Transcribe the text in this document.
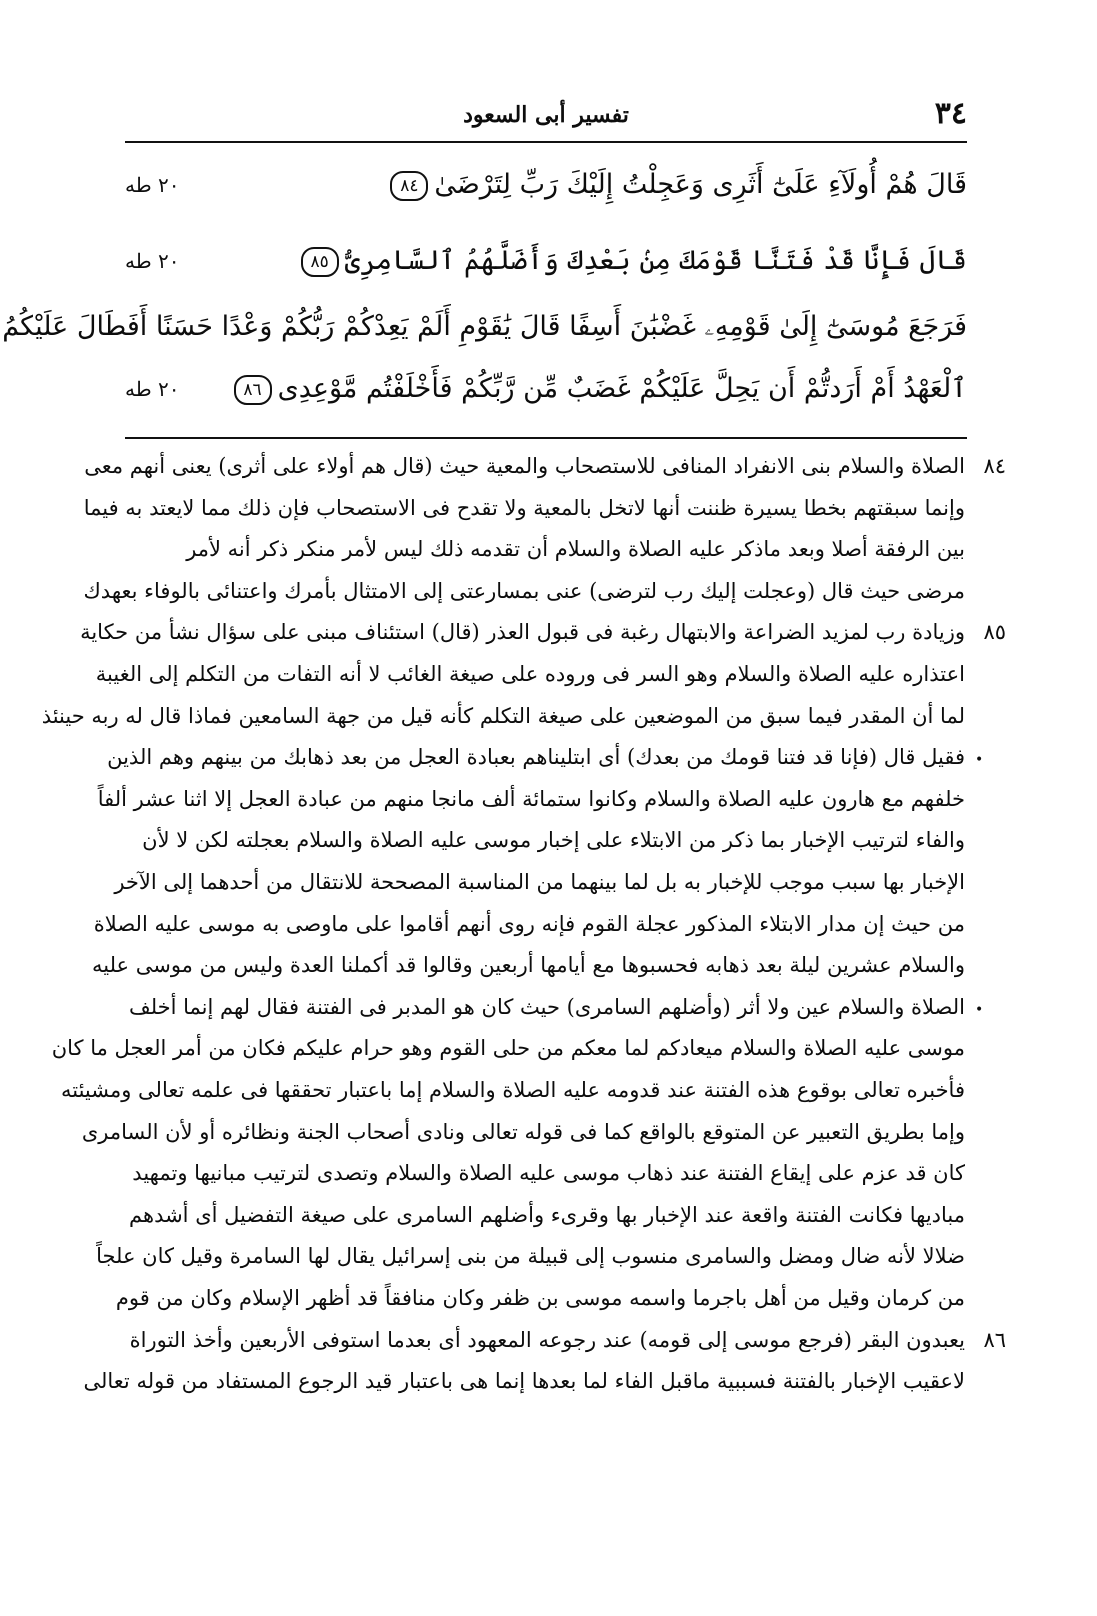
٣٤
تفسير أبى السعود
قَالَ هُمْ أُولَآءِ عَلَىٰٓ أَثَرِى وَعَجِلْتُ إِلَيْكَ رَبِّ لِتَرْضَىٰ٨٤
٢٠ طه
قَالَ فَإِنَّا قَدْ فَتَنَّا قَوْمَكَ مِنۢ بَعْدِكَ وَأَضَلَّهُمُ ٱلسَّامِرِىُّ٨٥
٢٠ طه
فَرَجَعَ مُوسَىٰٓ إِلَىٰ قَوْمِهِۦ غَضْبَٰنَ أَسِفًا قَالَ يَٰقَوْمِ أَلَمْ يَعِدْكُمْ رَبُّكُمْ وَعْدًا حَسَنًا أَفَطَالَ عَلَيْكُمُ
ٱلْعَهْدُ أَمْ أَرَدتُّمْ أَن يَحِلَّ عَلَيْكُمْ غَضَبٌ مِّن رَّبِّكُمْ فَأَخْلَفْتُم مَّوْعِدِى٨٦
٢٠ طه
الصلاة والسلام بنى الانفراد المنافى للاستصحاب والمعية حيث (قال هم أولاء على أثرى) يعنى أنهم معى ٨٤
وإنما سبقتهم بخطا يسيرة ظننت أنها لاتخل بالمعية ولا تقدح فى الاستصحاب فإن ذلك مما لايعتد به فيما
بين الرفقة أصلا وبعد ماذكر عليه الصلاة والسلام أن تقدمه ذلك ليس لأمر منكر ذكر أنه لأمر
مرضى حيث قال (وعجلت إليك رب لترضى) عنى بمسارعتى إلى الامتثال بأمرك واعتنائى بالوفاء بعهدك
وزيادة رب لمزيد الضراعة والابتهال رغبة فى قبول العذر (قال) استئناف مبنى على سؤال نشأ من حكاية ٨٥
اعتذاره عليه الصلاة والسلام وهو السر فى وروده على صيغة الغائب لا أنه التفات من التكلم إلى الغيبة
لما أن المقدر فيما سبق من الموضعين على صيغة التكلم كأنه قيل من جهة السامعين فماذا قال له ربه حينئذ
فقيل قال (فإنا قد فتنا قومك من بعدك) أى ابتليناهم بعبادة العجل من بعد ذهابك من بينهم وهم الذين •
خلفهم مع هارون عليه الصلاة والسلام وكانوا ستمائة ألف مانجا منهم من عبادة العجل إلا اثنا عشر ألفاً
والفاء لترتيب الإخبار بما ذكر من الابتلاء على إخبار موسى عليه الصلاة والسلام بعجلته لكن لا لأن
الإخبار بها سبب موجب للإخبار به بل لما بينهما من المناسبة المصححة للانتقال من أحدهما إلى الآخر
من حيث إن مدار الابتلاء المذكور عجلة القوم فإنه روى أنهم أقاموا على ماوصى به موسى عليه الصلاة
والسلام عشرين ليلة بعد ذهابه فحسبوها مع أيامها أربعين وقالوا قد أكملنا العدة وليس من موسى عليه
الصلاة والسلام عين ولا أثر (وأضلهم السامرى) حيث كان هو المدبر فى الفتنة فقال لهم إنما أخلف •
موسى عليه الصلاة والسلام ميعادكم لما معكم من حلى القوم وهو حرام عليكم فكان من أمر العجل ما كان
فأخبره تعالى بوقوع هذه الفتنة عند قدومه عليه الصلاة والسلام إما باعتبار تحققها فى علمه تعالى ومشيئته
وإما بطريق التعبير عن المتوقع بالواقع كما فى قوله تعالى ونادى أصحاب الجنة ونظائره أو لأن السامرى
كان قد عزم على إيقاع الفتنة عند ذهاب موسى عليه الصلاة والسلام وتصدى لترتيب مبانيها وتمهيد
مباديها فكانت الفتنة واقعة عند الإخبار بها وقرىء وأضلهم السامرى على صيغة التفضيل أى أشدهم
ضلالا لأنه ضال ومضل والسامرى منسوب إلى قبيلة من بنى إسرائيل يقال لها السامرة وقيل كان علجاً
من كرمان وقيل من أهل باجرما واسمه موسى بن ظفر وكان منافقاً قد أظهر الإسلام وكان من قوم
يعبدون البقر (فرجع موسى إلى قومه) عند رجوعه المعهود أى بعدما استوفى الأربعين وأخذ التوراة ٨٦
لاعقيب الإخبار بالفتنة فسببية ماقبل الفاء لما بعدها إنما هى باعتبار قيد الرجوع المستفاد من قوله تعالى
